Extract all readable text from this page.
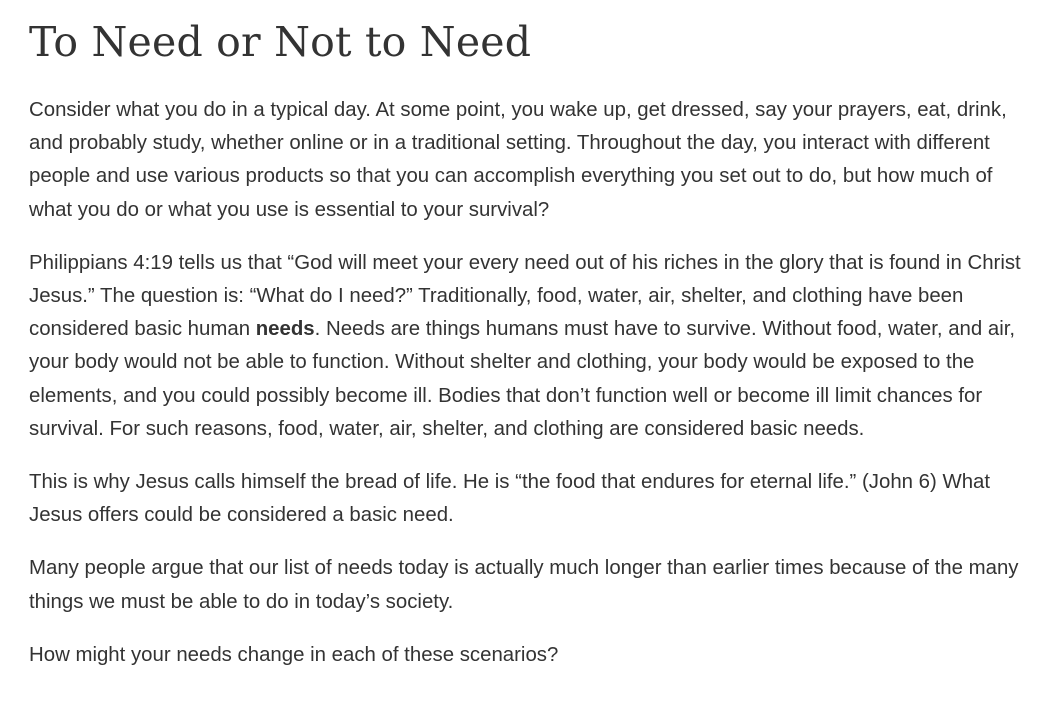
To Need or Not to Need

Consider what you do in a typical day. At some point, you wake up, get dressed, say your prayers, eat, drink, and probably study, whether online or in a traditional setting. Throughout the day, you interact with different people and use various products so that you can accomplish everything you set out to do, but how much of what you do or what you use is essential to your survival?

Philippians 4:19 tells us that “God will meet your every need out of his riches in the glory that is found in Christ Jesus.” The question is: “What do I need?” Traditionally, food, water, air, shelter, and clothing have been considered basic human needs. Needs are things humans must have to survive. Without food, water, and air, your body would not be able to function. Without shelter and clothing, your body would be exposed to the elements, and you could possibly become ill. Bodies that don’t function well or become ill limit chances for survival. For such reasons, food, water, air, shelter, and clothing are considered basic needs.

This is why Jesus calls himself the bread of life. He is “the food that endures for eternal life.” (John 6) What Jesus offers could be considered a basic need.

Many people argue that our list of needs today is actually much longer than earlier times because of the many things we must be able to do in today’s society.

How might your needs change in each of these scenarios?
